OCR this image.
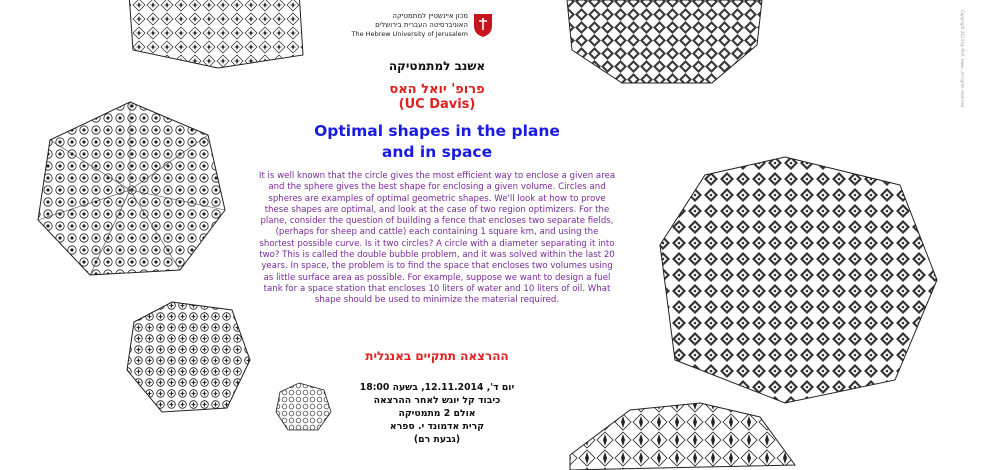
מכון איינשטיין למתמטיקה
האוניברסיטה העברית בירושלים
The Hebrew University of Jerusalem
אשנב למתמטיקה
פרופ' יואל האס
(UC Davis)
Optimal shapes in the plane
and in space
It is well known that the circle gives the most efficient way to enclose a given area and the sphere gives the best shape for enclosing a given volume. Circles and spheres are examples of optimal geometric shapes. We'll look at how to prove these shapes are optimal, and look at the case of two region optimizers. For the plane, consider the question of building a fence that encloses two separate fields, (perhaps for sheep and cattle) each containing 1 square km, and using the shortest possible curve. Is it two circles? A circle with a diameter separating it into two? This is called the double bubble problem, and it was solved within the last 20 years. In space, the problem is to find the space that encloses two volumes using as little surface area as possible. For example, suppose we want to design a fuel tank for a space station that encloses 10 liters of water and 10 liters of oil. What shape should be used to minimize the material required.
ההרצאה תתקיים באנגלית
יום ד', 12.11.2014, בשעה 18:00
כיבוד קל יוגש לאחר ההרצאה
אולם 2 מתמטיקה
קרית אדמונד י. ספרא
(גבעת רם)
Copyright 2014 by Prof. Haas; all rights reserved
